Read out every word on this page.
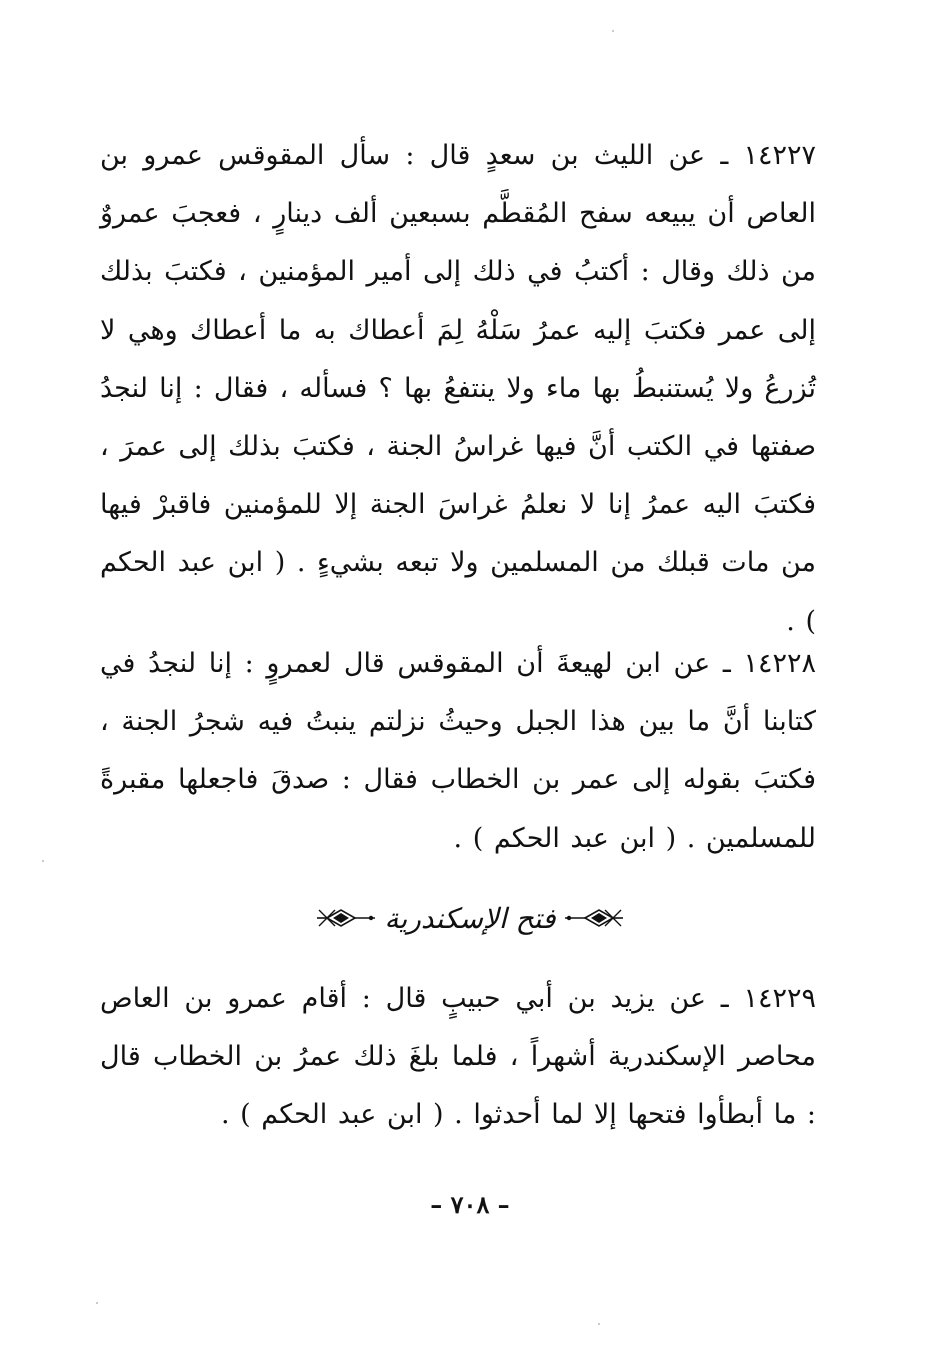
١٤٢٢٧ ـ عن الليث بن سعدٍ قال : سأل المقوقس عمرو بن العاص أن يبيعه سفح المُقطَّم بسبعين ألف دينارٍ ، فعجبَ عمروٌ من ذلك وقال : أكتبُ في ذلك إلى أمير المؤمنين ، فكتبَ بذلك إلى عمر فكتبَ إليه عمرُ سَلْهُ لِمَ أعطاك به ما أعطاك وهي لا تُزرعُ ولا يُستنبطُ بها ماء ولا ينتفعُ بها ؟ فسأله ، فقال : إنا لنجدُ صفتها في الكتب أنَّ فيها غراسُ الجنة ، فكتبَ بذلك إلى عمرَ ، فكتبَ اليه عمرُ إنا لا نعلمُ غراسَ الجنة إلا للمؤمنين فاقبرْ فيها من مات قبلك من المسلمين ولا تبعه بشيءٍ . ( ابن عبد الحكم ) .

١٤٢٢٨ ـ عن ابن لهيعةَ أن المقوقس قال لعمروٍ : إنا لنجدُ في كتابنا أنَّ ما بين هذا الجبل وحيثُ نزلتم ينبتُ فيه شجرُ الجنة ، فكتبَ بقوله إلى عمر بن الخطاب فقال : صدقَ فاجعلها مقبرةً للمسلمين . ( ابن عبد الحكم ) .

فتح الإسكندرية

١٤٢٢٩ ـ عن يزيد بن أبي حبيبٍ قال : أقام عمرو بن العاص محاصر الإسكندرية أشهراً ، فلما بلغَ ذلك عمرُ بن الخطاب قال : ما أبطأوا فتحها إلا لما أحدثوا . ( ابن عبد الحكم ) .

– ٧٠٨ –
